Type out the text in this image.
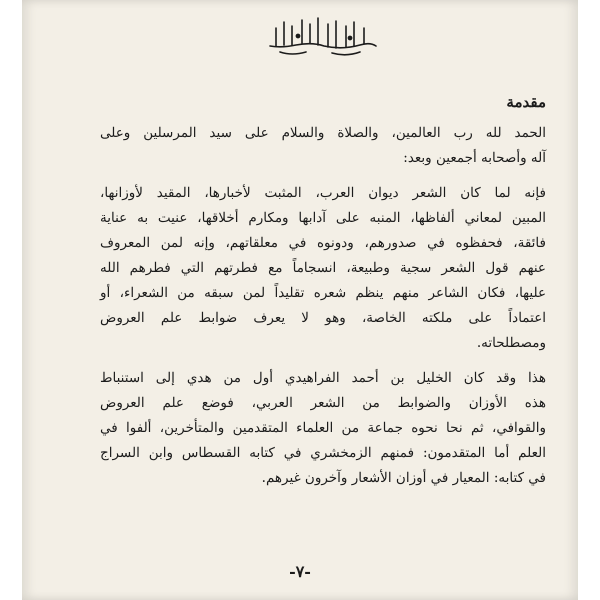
مقدمة
الحمد لله رب العالمين، والصلاة والسلام على سيد المرسلين وعلى
آله وأصحابه أجمعين وبعد:
فإنه لما كان الشعر ديوان العرب، المثبت لأخبارها، المقيد لأوزانها،
المبين لمعاني ألفاظها، المنبه على آدابها ومكارم أخلاقها، عنيت به عناية
فائقة، فحفظوه في صدورهم، ودونوه في معلقاتهم، وإنه لمن المعروف
عنهم قول الشعر سجية وطبيعة، انسجاماً مع فطرتهم التي فطرهم الله
عليها، فكان الشاعر منهم ينظم شعره تقليداً لمن سبقه من الشعراء، أو
اعتماداً على ملكته الخاصة، وهو لا يعرف ضوابط علم العروض
ومصطلحاته.
هذا وقد كان الخليل بن أحمد الفراهيدي أول من هدي إلى استنباط
هذه الأوزان والضوابط من الشعر العربي، فوضع علم العروض
والقوافي، ثم نحا نحوه جماعة من العلماء المتقدمين والمتأخرين، ألفوا في
العلم أما المتقدمون: فمنهم الزمخشري في كتابه القسطاس وابن السراج
في كتابه: المعيار في أوزان الأشعار وآخرون غيرهم.
-٧-
